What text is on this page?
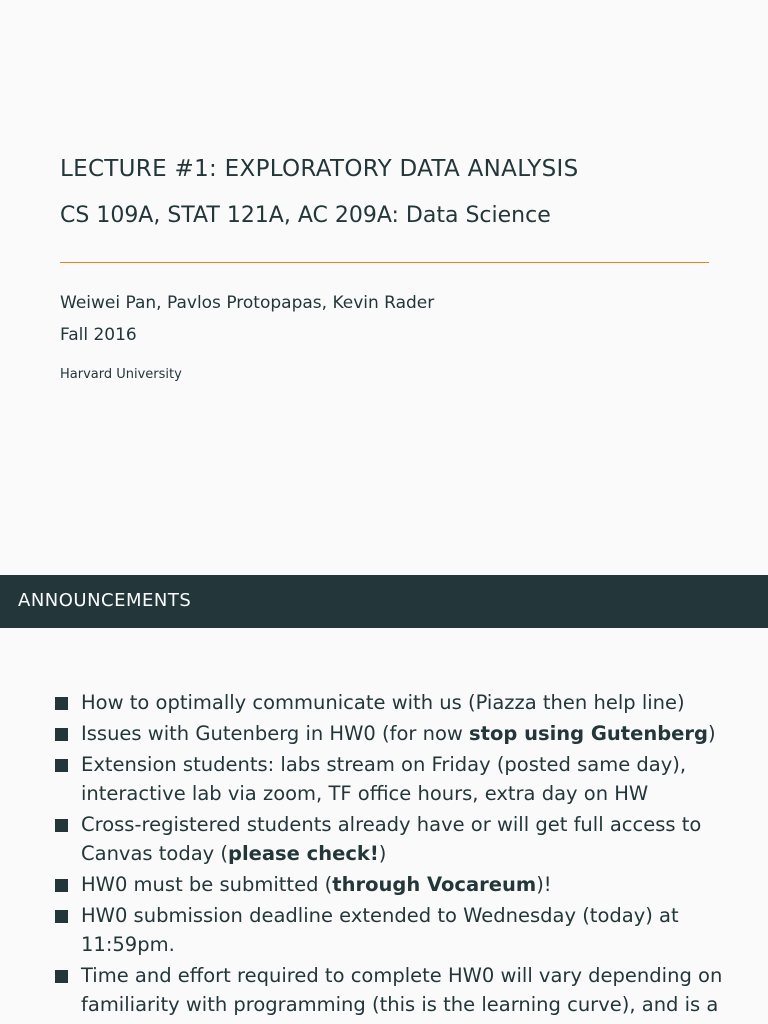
LECTURE #1: EXPLORATORY DATA ANALYSIS
CS 109A, STAT 121A, AC 209A: Data Science
Weiwei Pan, Pavlos Protopapas, Kevin Rader
Fall 2016
Harvard University
ANNOUNCEMENTS
How to optimally communicate with us (Piazza then help line)
Issues with Gutenberg in HW0 (for now stop using Gutenberg)
Extension students: labs stream on Friday (posted same day), interactive lab via zoom, TF office hours, extra day on HW
Cross-registered students already have or will get full access to Canvas today (please check!)
HW0 must be submitted (through Vocareum)!
HW0 submission deadline extended to Wednesday (today) at 11:59pm.
Time and effort required to complete HW0 will vary depending on familiarity with programming (this is the learning curve), and is a
